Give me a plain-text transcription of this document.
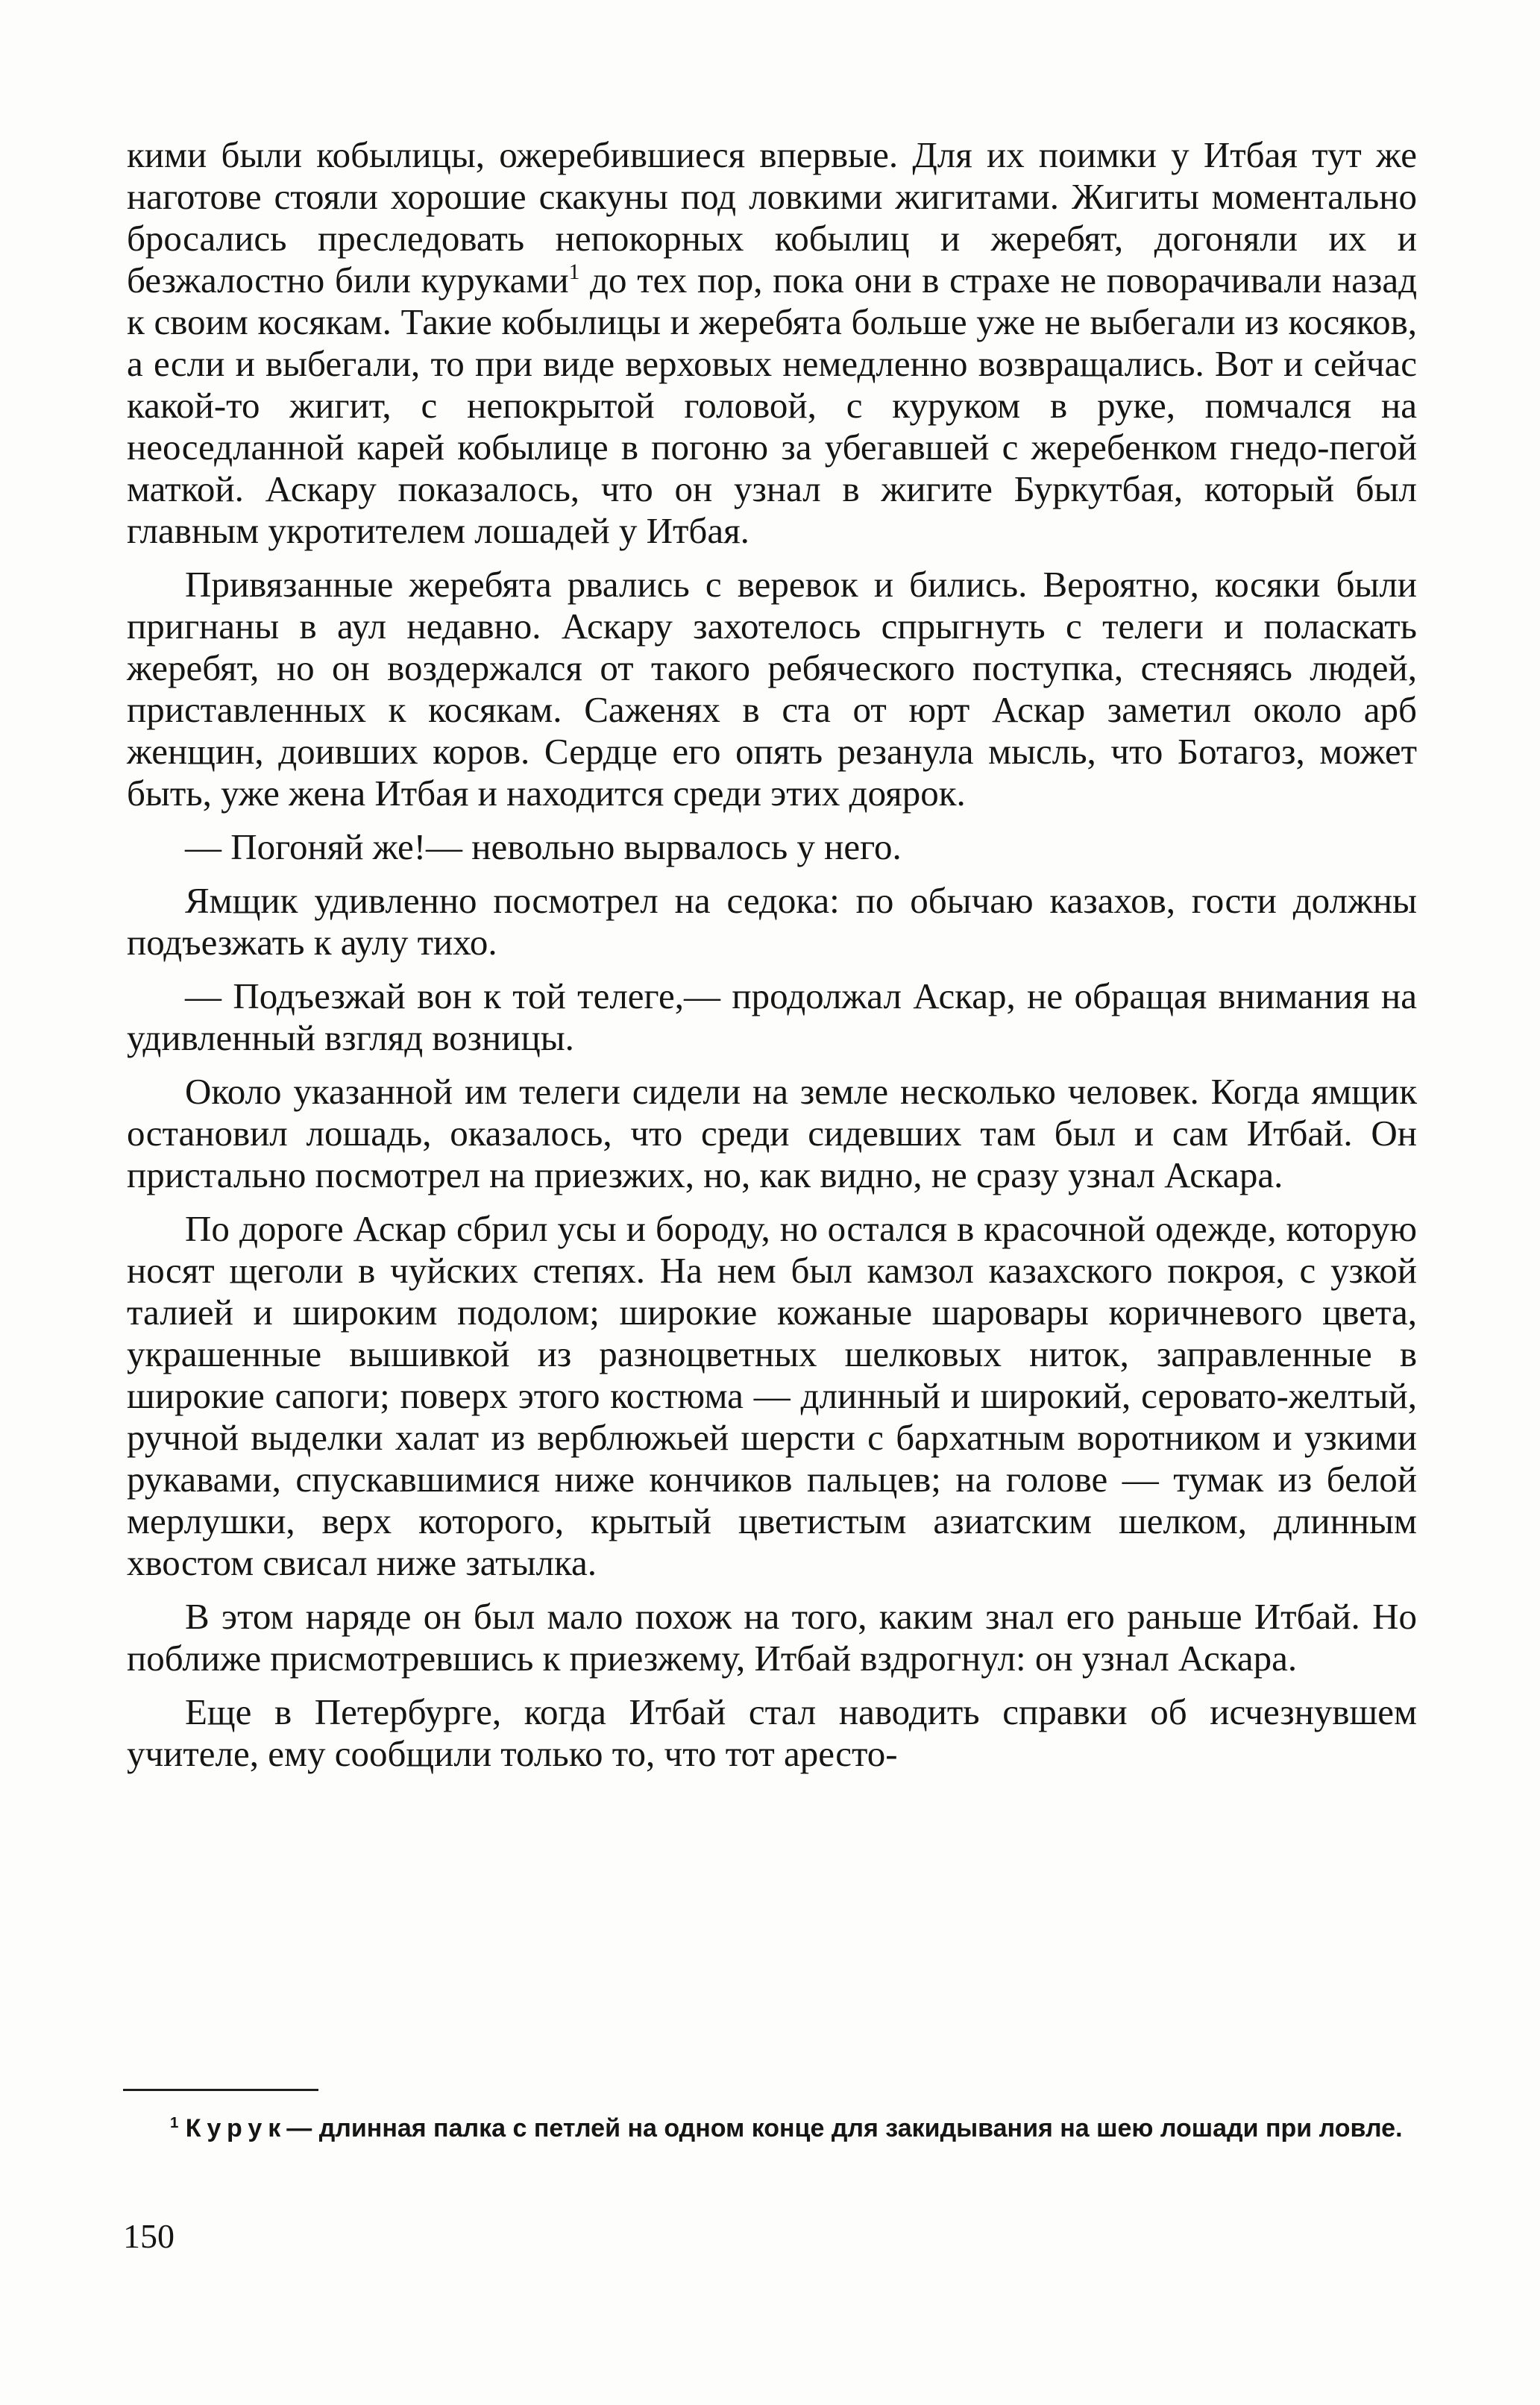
кими были кобылицы, ожеребившиеся впервые. Для их поимки у Итбая тут же наготове стояли хорошие скакуны под ловкими жигитами. Жигиты моментально бросались преследовать непокорных кобылиц и жеребят, догоняли их и безжалостно били куруками$^1$ до тех пор, пока они в страхе не поворачивали назад к своим косякам. Такие кобылицы и жеребята больше уже не выбегали из косяков, а если и выбегали, то при виде верховых немедленно возвращались. Вот и сейчас какой-то жигит, с непокрытой головой, с куруком в руке, помчался на неоседланной карей кобылице в погоню за убегавшей с жеребенком гнедо-пегой маткой. Аскару показалось, что он узнал в жигите Буркутбая, который был главным укротителем лошадей у Итбая.

Привязанные жеребята рвались с веревок и бились. Вероятно, косяки были пригнаны в аул недавно. Аскару захотелось спрыгнуть с телеги и поласкать жеребят, но он воздержался от такого ребяческого поступка, стесняясь людей, приставленных к косякам. Саженях в ста от юрт Аскар заметил около арб женщин, доивших коров. Сердце его опять резанула мысль, что Ботагоз, может быть, уже жена Итбая и находится среди этих доярок.

— Погоняй же!— невольно вырвалось у него.

Ямщик удивленно посмотрел на седока: по обычаю казахов, гости должны подъезжать к аулу тихо.

— Подъезжай вон к той телеге,— продолжал Аскар, не обращая внимания на удивленный взгляд возницы.

Около указанной им телеги сидели на земле несколько человек. Когда ямщик остановил лошадь, оказалось, что среди сидевших там был и сам Итбай. Он пристально посмотрел на приезжих, но, как видно, не сразу узнал Аскара.

По дороге Аскар сбрил усы и бороду, но остался в красочной одежде, которую носят щеголи в чуйских степях. На нем был камзол казахского покроя, с узкой талией и широким подолом; широкие кожаные шаровары коричневого цвета, украшенные вышивкой из разноцветных шелковых ниток, заправленные в широкие сапоги; поверх этого костюма — длинный и широкий, серовато-желтый, ручной выделки халат из верблюжьей шерсти с бархатным воротником и узкими рукавами, спускавшимися ниже кончиков пальцев; на голове — тумак из белой мерлушки, верх которого, крытый цветистым азиатским шелком, длинным хвостом свисал ниже затылка.

В этом наряде он был мало похож на того, каким знал его раньше Итбай. Но поближе присмотревшись к приезжему, Итбай вздрогнул: он узнал Аскара.

Еще в Петербурге, когда Итбай стал наводить справки об исчезнувшем учителе, ему сообщили только то, что тот аресто-

$^1$ Курук— длинная палка с петлей на одном конце для закидывания на шею лошади при ловле.
150
